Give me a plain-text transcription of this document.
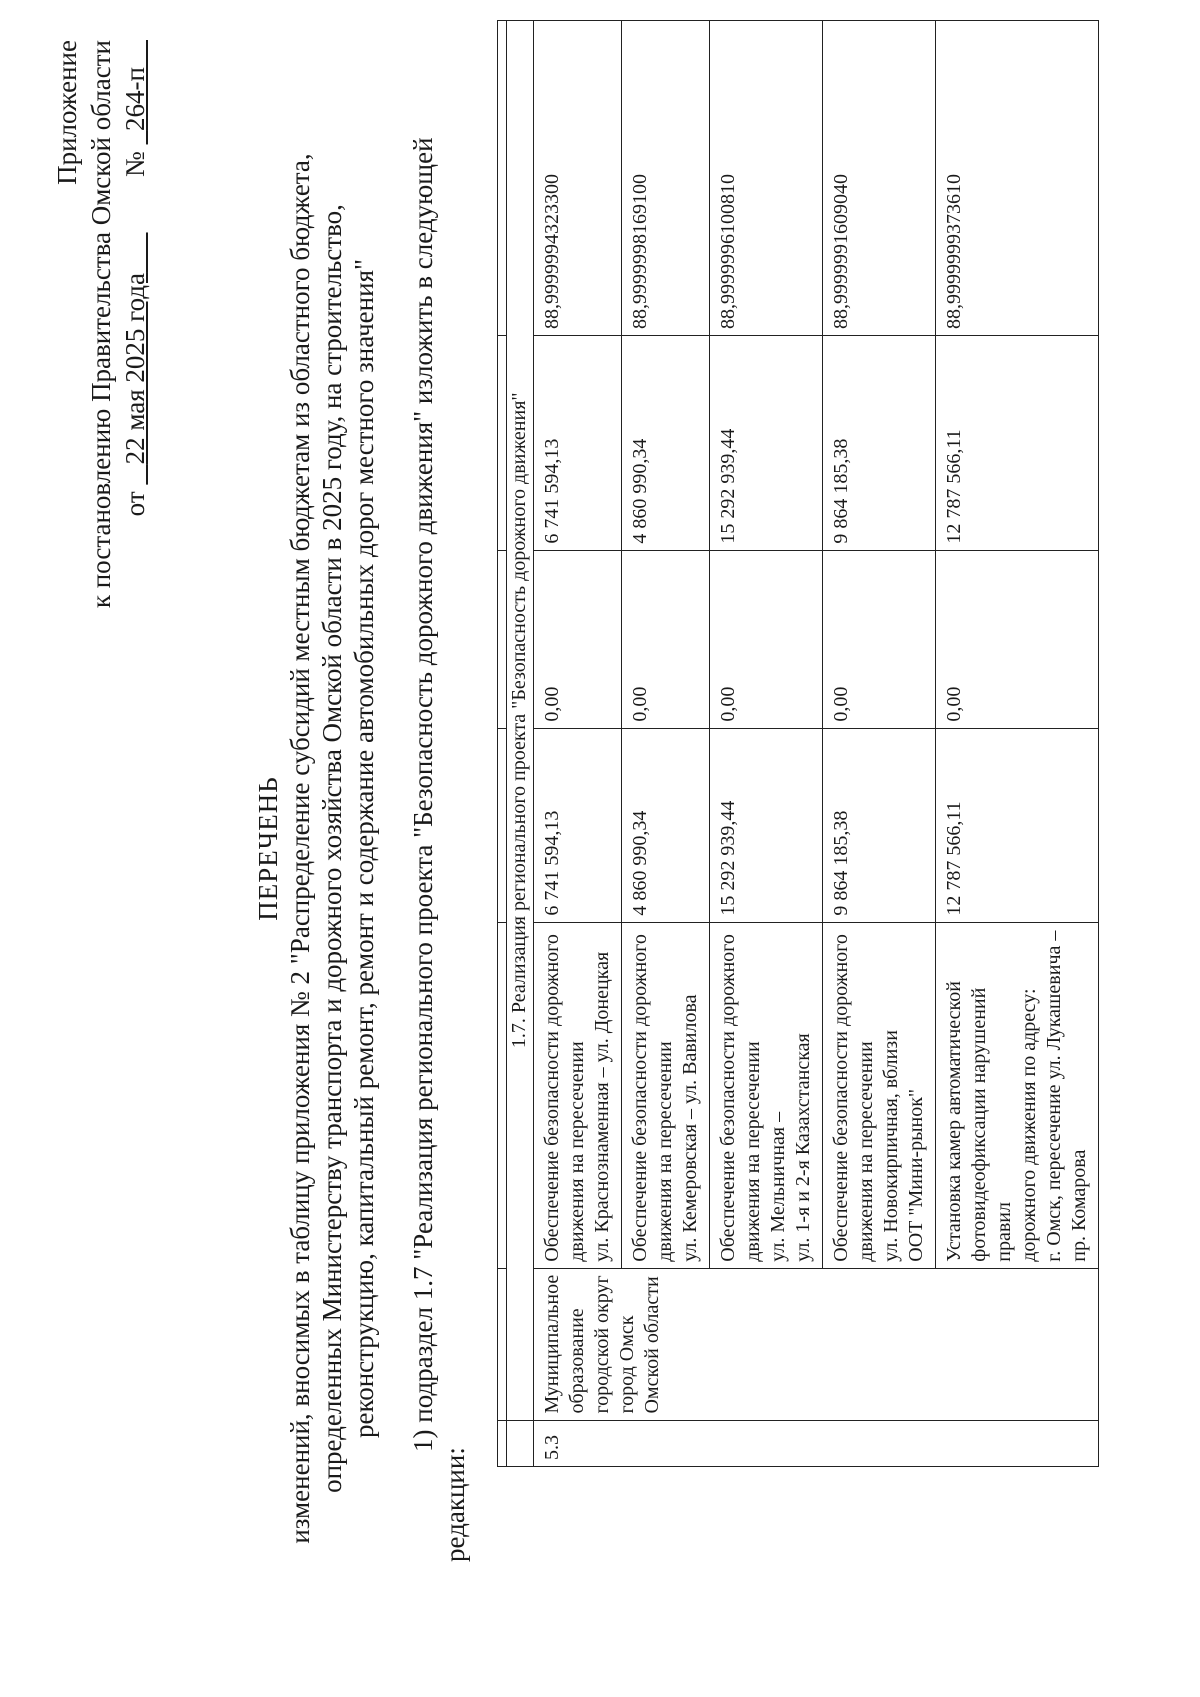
Приложение к постановлению Правительства Омской области от    22 мая 2025 года        №   264-п
ПЕРЕЧЕНЬ изменений, вносимых в таблицу приложения № 2 "Распределение субсидий местным бюджетам из областного бюджета, определенных Министерству транспорта и дорожного хозяйства Омской области в 2025 году, на строительство, реконструкцию, капитальный ремонт, ремонт и содержание автомобильных дорог местного значения" 1) подраздел 1.7 "Реализация регионального проекта "Безопасность дорожного движения" изложить в следующей
редакции:

	1.7. Реализация регионального проекта "Безопасность дорожного движения"					
5.3	Муниципальное образование городской округ город Омск Омской области	Обеспечение безопасности дорожного движения на пересечении ул. Краснознаменная – ул. Донецкая	6 741 594,13	0,00	6 741 594,13	88,9999994323300

		Обеспечение безопасности дорожного движения на пересечении ул. Кемеровская – ул. Вавилова	4 860 990,34	0,00	4 860 990,34	88,9999998169100

		Обеспечение безопасности дорожного движения на пересечении ул. Мельничная – ул. 1-я и 2-я Казахстанская	15 292 939,44	0,00	15 292 939,44	88,9999996100810

		Обеспечение безопасности дорожного движения на пересечении ул. Новокирпичная, вблизи ООТ "Мини-рынок"	9 864 185,38	0,00	9 864 185,38	88,9999991609040

		Установка камер автоматической фотовидеофиксации нарушений правил дорожного движения по адресу: г. Омск, пересечение ул. Лукашевича – пр. Комарова	12 787 566,11	0,00	12 787 566,11	88,9999999373610
